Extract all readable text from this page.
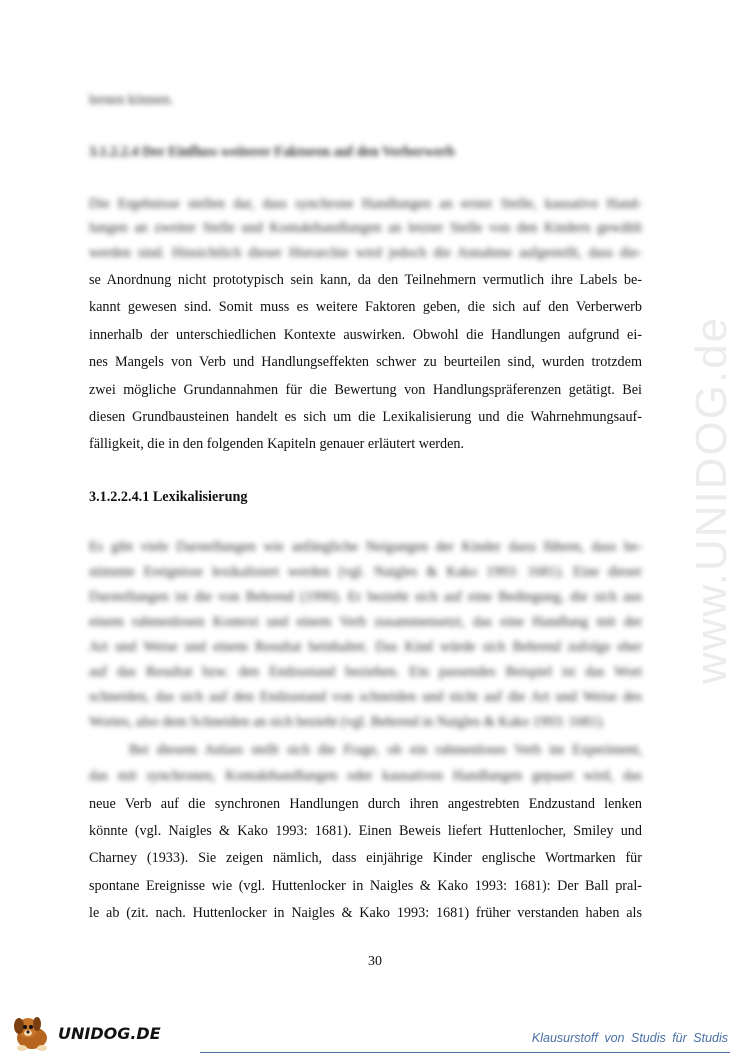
www.UNIDOG.de
lernen können.
3.1.2.2.4 Der Einfluss weiterer Faktoren auf den Verberwerb
Die Ergebnisse stellen dar, dass synchrone Handlungen an erster Stelle, kausative Hand-
lungen an zweiter Stelle und Kontakthandlungen an letzter Stelle von den Kindern gewählt
werden sind. Hinsichtlich dieser Hierarchie wird jedoch die Annahme aufgestellt, dass die-
se Anordnung nicht prototypisch sein kann, da den Teilnehmern vermutlich ihre Labels be-
kannt gewesen sind. Somit muss es weitere Faktoren geben, die sich auf den Verberwerb
innerhalb der unterschiedlichen Kontexte auswirken. Obwohl die Handlungen aufgrund ei-
nes Mangels von Verb und Handlungseffekten schwer zu beurteilen sind, wurden trotzdem
zwei mögliche Grundannahmen für die Bewertung von Handlungspräferenzen getätigt. Bei
diesen Grundbausteinen handelt es sich um die Lexikalisierung und die Wahrnehmungsauf-
fälligkeit, die in den folgenden Kapiteln genauer erläutert werden.
3.1.2.2.4.1 Lexikalisierung
Es gibt viele Darstellungen wie anfängliche Neigungen der Kinder dazu führen, dass be-
stimmte Ereignisse lexikalisiert werden (vgl. Naigles & Kako 1993: 1681). Eine dieser
Darstellungen ist die von Behrend (1990). Er bezieht sich auf eine Bedingung, die sich aus
einem rahmenlosen Kontext und einem Verb zusammensetzt, das eine Handlung mit der
Art und Weise und einem Resultat beinhaltet. Das Kind würde sich Behrend zufolge eher
auf das Resultat bzw. den Endzustand beziehen. Ein passendes Beispiel ist das Wort
schneiden, das sich auf den Endzustand von schneiden und nicht auf die Art und Weise des
Wortes, also dem Schneiden an sich bezieht (vgl. Behrend in Naigles & Kako 1993: 1681).
Bei diesem Anlass stellt sich die Frage, ob ein rahmenloses Verb im Experiment,
das mit synchronen, Kontakthandlungen oder kausativen Handlungen gepaart wird, das
neue Verb auf die synchronen Handlungen durch ihren angestrebten Endzustand lenken
könnte (vgl. Naigles & Kako 1993: 1681). Einen Beweis liefert Huttenlocher, Smiley und
Charney (1933). Sie zeigen nämlich, dass einjährige Kinder englische Wortmarken für
spontane Ereignisse wie (vgl. Huttenlocker in Naigles & Kako 1993: 1681): Der Ball pral-
le ab (zit. nach. Huttenlocker in Naigles & Kako 1993: 1681) früher verstanden haben als
30
UNIDOG.DE	Klausurstoff von Studis für Studis
